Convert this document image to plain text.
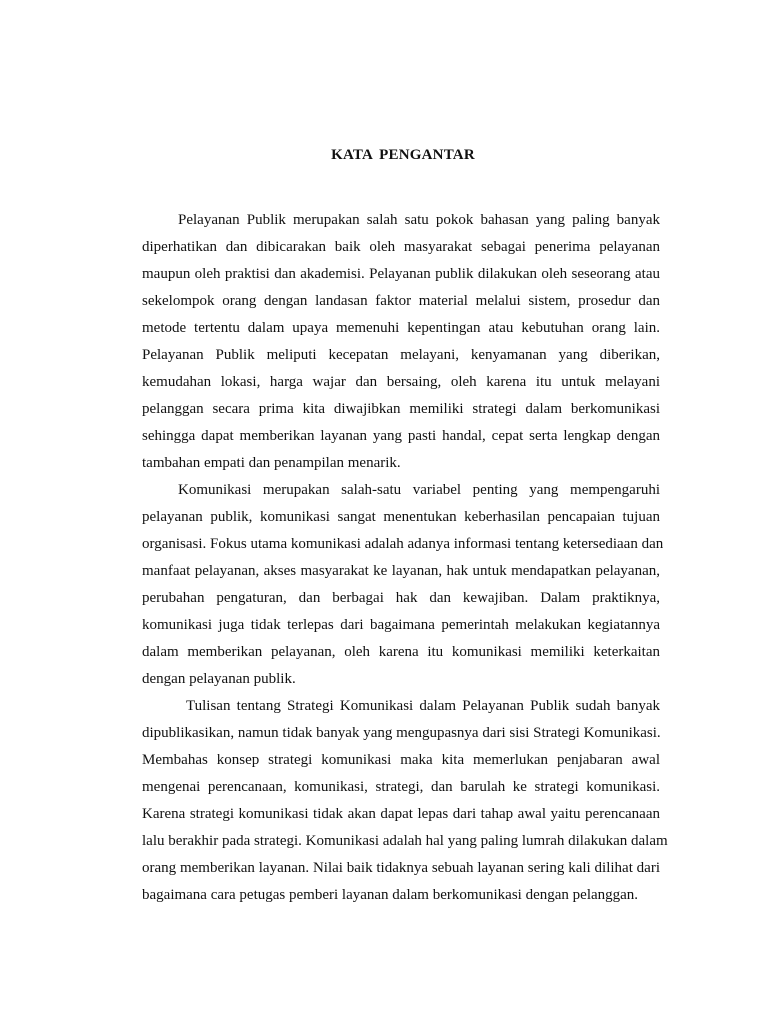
KATA PENGANTAR
Pelayanan Publik merupakan salah satu pokok bahasan yang paling banyak
diperhatikan dan dibicarakan baik oleh masyarakat sebagai penerima pelayanan
maupun oleh praktisi dan akademisi. Pelayanan publik dilakukan oleh seseorang atau
sekelompok orang dengan landasan faktor material melalui sistem, prosedur dan
metode tertentu dalam upaya memenuhi kepentingan atau kebutuhan orang lain.
Pelayanan Publik meliputi kecepatan melayani, kenyamanan yang diberikan,
kemudahan lokasi, harga wajar dan bersaing, oleh karena itu untuk melayani
pelanggan secara prima kita diwajibkan memiliki strategi dalam berkomunikasi
sehingga dapat memberikan layanan yang pasti handal, cepat serta lengkap dengan
tambahan empati dan penampilan menarik.
Komunikasi merupakan salah-satu variabel penting yang mempengaruhi
pelayanan publik, komunikasi sangat menentukan keberhasilan pencapaian tujuan
organisasi. Fokus utama komunikasi adalah adanya informasi tentang ketersediaan dan
manfaat pelayanan, akses masyarakat ke layanan, hak untuk mendapatkan pelayanan,
perubahan pengaturan, dan berbagai hak dan kewajiban. Dalam praktiknya,
komunikasi juga tidak terlepas dari bagaimana pemerintah melakukan kegiatannya
dalam memberikan pelayanan, oleh karena itu komunikasi memiliki keterkaitan
dengan pelayanan publik.
Tulisan tentang Strategi Komunikasi dalam Pelayanan Publik sudah banyak
dipublikasikan, namun tidak banyak yang mengupasnya dari sisi Strategi Komunikasi.
Membahas konsep strategi komunikasi maka kita memerlukan penjabaran awal
mengenai perencanaan, komunikasi, strategi, dan barulah ke strategi komunikasi.
Karena strategi komunikasi tidak akan dapat lepas dari tahap awal yaitu perencanaan
lalu berakhir pada strategi. Komunikasi adalah hal yang paling lumrah dilakukan dalam
orang memberikan layanan. Nilai baik tidaknya sebuah layanan sering kali dilihat dari
bagaimana cara petugas pemberi layanan dalam berkomunikasi dengan pelanggan.
